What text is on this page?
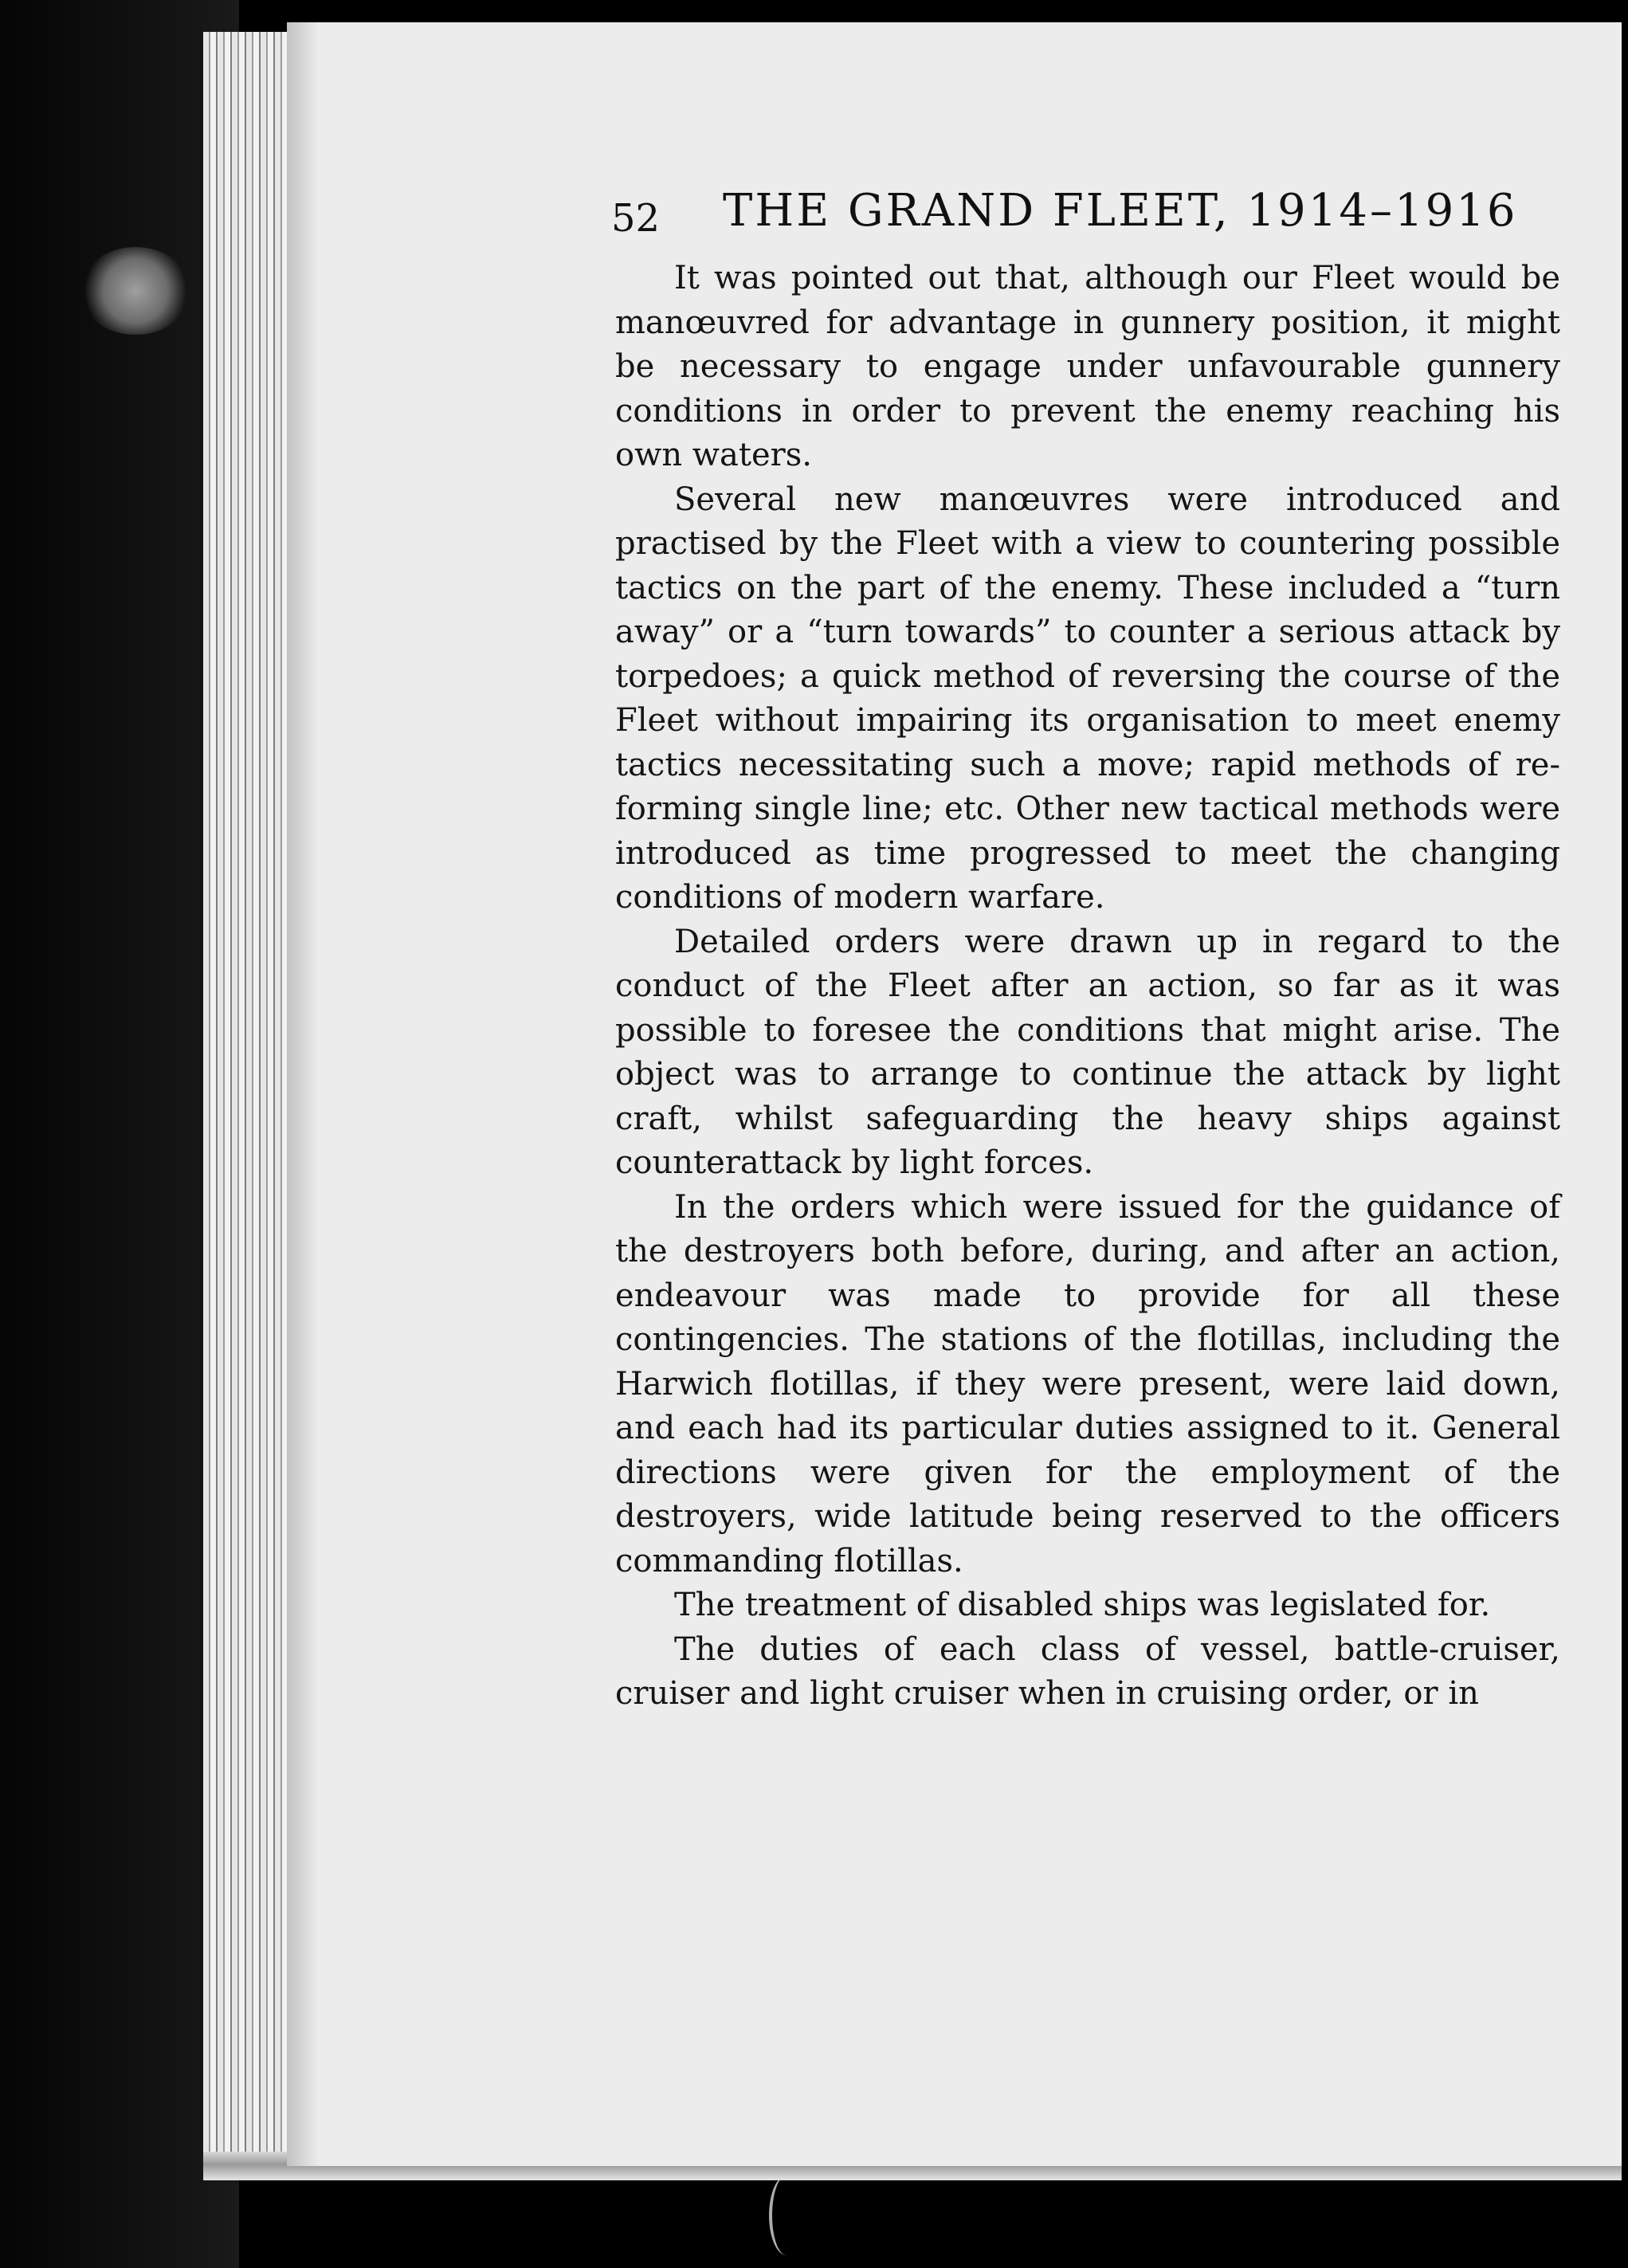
52 THE GRAND FLEET, 1914–1916

It was pointed out that, although our Fleet would be manœuvred for advantage in gunnery position, it might be necessary to engage under unfavourable gunnery conditions in order to prevent the enemy reaching his own waters.

Several new manœuvres were introduced and practised by the Fleet with a view to countering possible tactics on the part of the enemy. These included a “turn away” or a “turn towards” to counter a serious attack by torpedoes; a quick method of reversing the course of the Fleet without impairing its organisation to meet enemy tactics necessitating such a move; rapid methods of re-forming single line; etc. Other new tactical methods were introduced as time progressed to meet the changing conditions of modern warfare.

Detailed orders were drawn up in regard to the conduct of the Fleet after an action, so far as it was possible to foresee the conditions that might arise. The object was to arrange to continue the attack by light craft, whilst safeguarding the heavy ships against counterattack by light forces.

In the orders which were issued for the guidance of the destroyers both before, during, and after an action, endeavour was made to provide for all these contingencies. The stations of the flotillas, including the Harwich flotillas, if they were present, were laid down, and each had its particular duties assigned to it. General directions were given for the employment of the destroyers, wide latitude being reserved to the officers commanding flotillas.

The treatment of disabled ships was legislated for.

The duties of each class of vessel, battle-cruiser, cruiser and light cruiser when in cruising order, or in
